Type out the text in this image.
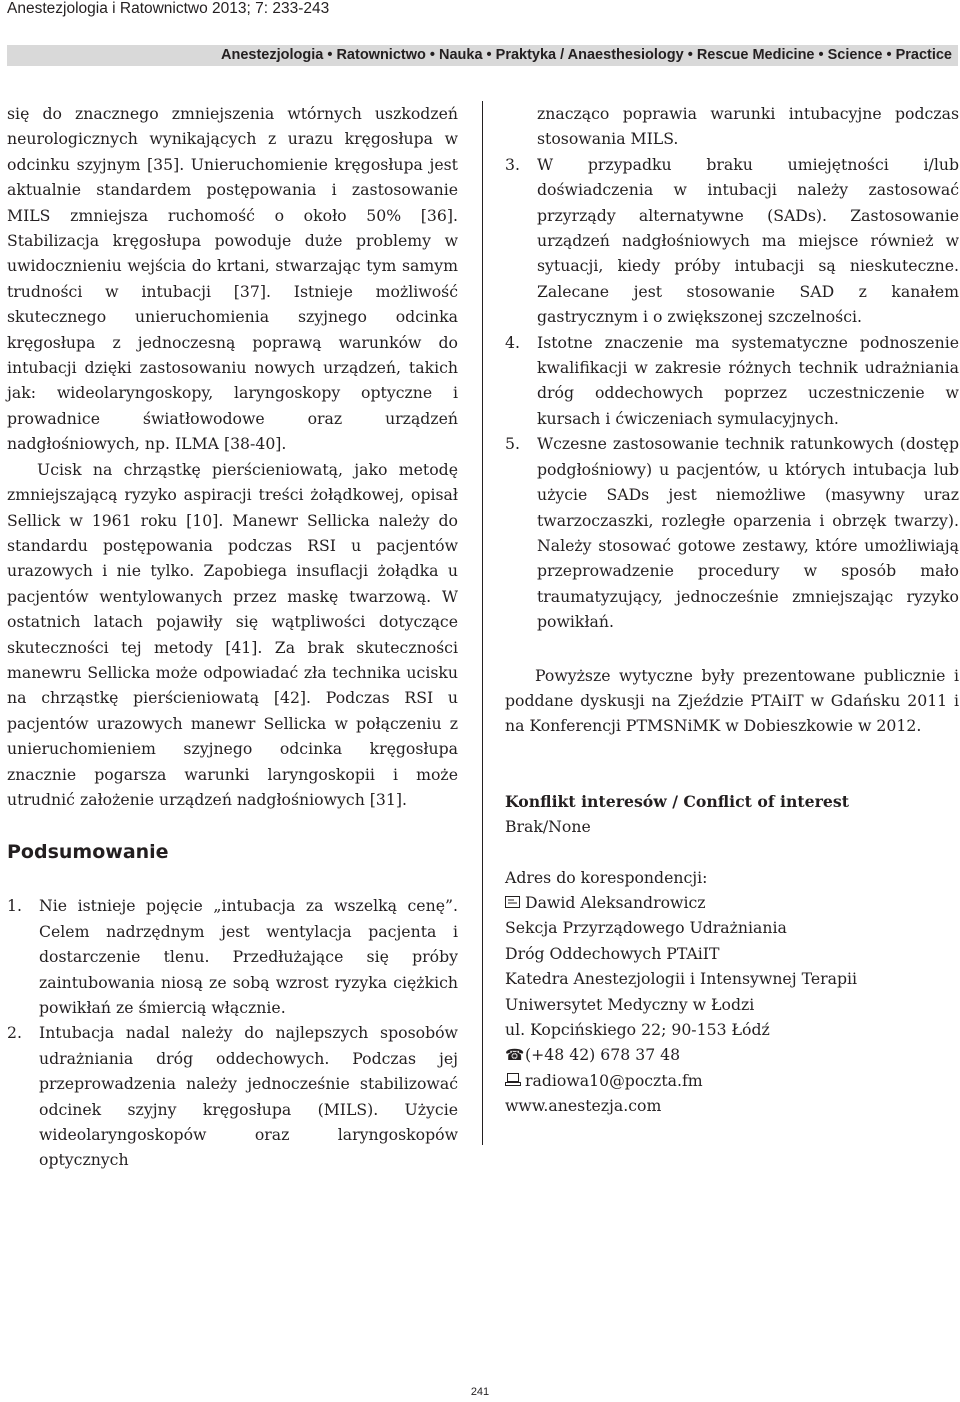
Anestezjologia i Ratownictwo 2013; 7: 233-243
Anestezjologia • Ratownictwo • Nauka • Praktyka / Anaesthesiology • Rescue Medicine • Science • Practice

się do znacznego zmniejszenia wtórnych uszkodzeń neurologicznych wynikających z urazu kręgosłupa w odcinku szyjnym [35]. Unieruchomienie kręgosłupa jest aktualnie standardem postępowania i zastosowanie MILS zmniejsza ruchomość o około 50% [36]. Stabilizacja kręgosłupa powoduje duże problemy w uwidocznieniu wejścia do krtani, stwarzając tym samym trudności w intubacji [37]. Istnieje możliwość skutecznego unieruchomienia szyjnego odcinka kręgosłupa z jednoczesną poprawą warunków do intubacji dzięki zastosowaniu nowych urządzeń, takich jak: wideolaryngoskopy, laryngoskopy optyczne i prowadnice światłowodowe oraz urządzeń nadgłośniowych, np. ILMA [38-40].

Ucisk na chrząstkę pierścieniowatą, jako metodę zmniejszającą ryzyko aspiracji treści żołądkowej, opisał Sellick w 1961 roku [10]. Manewr Sellicka należy do standardu postępowania podczas RSI u pacjentów urazowych i nie tylko. Zapobiega insuflacji żołądka u pacjentów wentylowanych przez maskę twarzową. W ostatnich latach pojawiły się wątpliwości dotyczące skuteczności tej metody [41]. Za brak skuteczności manewru Sellicka może odpowiadać zła technika ucisku na chrząstkę pierścieniowatą [42]. Podczas RSI u pacjentów urazowych manewr Sellicka w połączeniu z unieruchomieniem szyjnego odcinka kręgosłupa znacznie pogarsza warunki laryngoskopii i może utrudnić założenie urządzeń nadgłośniowych [31].

Podsumowanie
1. Nie istnieje pojęcie „intubacja za wszelką cenę”. Celem nadrzędnym jest wentylacja pacjenta i dostarczenie tlenu. Przedłużające się próby zaintubowania niosą ze sobą wzrost ryzyka ciężkich powikłań ze śmiercią włącznie.
2. Intubacja nadal należy do najlepszych sposobów udrażniania dróg oddechowych. Podczas jej przeprowadzenia należy jednocześnie stabilizować odcinek szyjny kręgosłupa (MILS). Użycie wideolaryngoskopów oraz laryngoskopów optycznych
znacząco poprawia warunki intubacyjne podczas stosowania MILS.
3. W przypadku braku umiejętności i/lub doświadczenia w intubacji należy zastosować przyrządy alternatywne (SADs). Zastosowanie urządzeń nadgłośniowych ma miejsce również w sytuacji, kiedy próby intubacji są nieskuteczne. Zalecane jest stosowanie SAD z kanałem gastrycznym i o zwiększonej szczelności.
4. Istotne znaczenie ma systematyczne podnoszenie kwalifikacji w zakresie różnych technik udrażniania dróg oddechowych poprzez uczestniczenie w kursach i ćwiczeniach symulacyjnych.
5. Wczesne zastosowanie technik ratunkowych (dostęp podgłośniowy) u pacjentów, u których intubacja lub użycie SADs jest niemożliwe (masywny uraz twarzoczaszki, rozległe oparzenia i obrzęk twarzy). Należy stosować gotowe zestawy, które umożliwiają przeprowadzenie procedury w sposób mało traumatyzujący, jednocześnie zmniejszając ryzyko powikłań.

Powyższe wytyczne były prezentowane publicznie i poddane dyskusji na Zjeździe PTAiIT w Gdańsku 2011 i na Konferencji PTMSNiMK w Dobieszkowie w 2012.

Konflikt interesów / Conflict of interest

Brak/None

Adres do korespondencji:

Dawid Aleksandrowicz

Sekcja Przyrządowego Udrażniania

Dróg Oddechowych PTAiIT

Katedra Anestezjologii i Intensywnej Terapii

Uniwersytet Medyczny w Łodzi

ul. Kopcińskiego 22; 90-153 Łódź

☎(+48 42) 678 37 48

radiowa10@poczta.fm

www.anestezja.com

241
